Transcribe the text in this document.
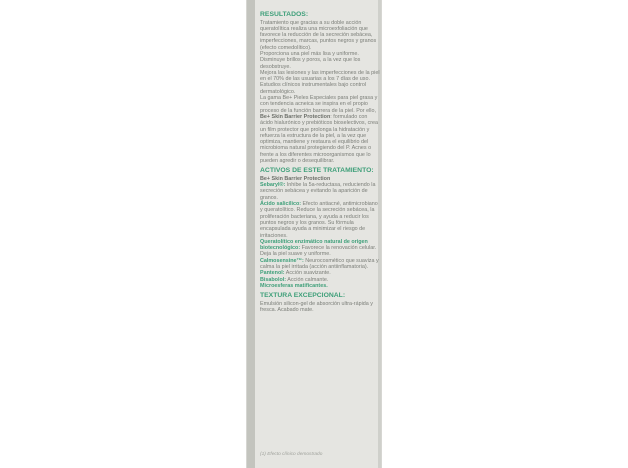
RESULTADOS:

Tratamiento que gracias a su doble acción queratolítica realiza una microexfoliación que favorece la reducción de la secreción sebácea, imperfecciones, marcas, puntos negros y granos (efecto comedolítico).

Proporciona una piel más lisa y uniforme. Disminuye brillos y poros, a la vez que los desobstruye.

Mejora las lesiones y las imperfecciones de la piel en el 70% de las usuarias a los 7 días de uso.

Estudios clínicos instrumentales bajo control dermatológico.

La gama Be+ Pieles Especiales para piel grasa y con tendencia acneica se inspira en el propio proceso de la función barrera de la piel. Por ello, Be+ Skin Barrier Protection: formulado con ácido hialurónico y prebióticos bioselectivos, crea un film protector que prolonga la hidratación y refuerza la estructura de la piel, a la vez que optimiza, mantiene y restaura el equilibrio del microbioma natural protegiendo del P. Acnes o frente a los diferentes microorganismos que lo pueden agredir o desequilibrar.

ACTIVOS DE ESTE TRATAMIENTO:

Be+ Skin Barrier Protection

Sebaryl®: Inhibe la 5a-reductasa, reduciendo la secreción sebácea y evitando la aparición de granos.

Ácido salicílico: Efecto antiacné, antimicrobiano y queratolítico. Reduce la secreción sebácea, la proliferación bacteriana, y ayuda a reducir los puntos negros y los granos. Su fórmula encapsulada ayuda a minimizar el riesgo de irritaciones.

Queratolítico enzimático natural de origen biotecnológico: Favorece la renovación celular. Deja la piel suave y uniforme.

Calmosensine™: Neurocosmético que suaviza y calma la piel irritada (acción antiinflamatoria).

Pantenol: Acción suavizante.

Bisabolol: Acción calmante.

Microesferas matificantes.

TEXTURA EXCEPCIONAL:

Emulsión silicon-gel de absorción ultra-rápida y fresca. Acabado mate.

(1) Efecto clínico demostrado
